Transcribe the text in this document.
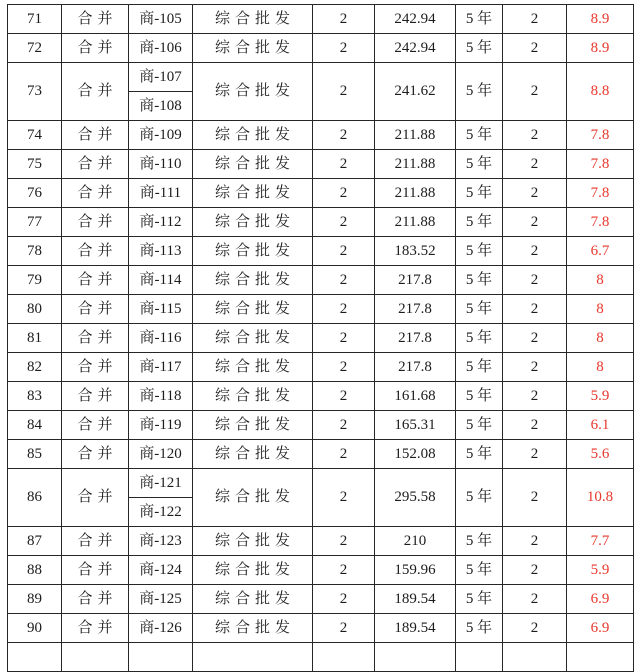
71	合并	商-105	综合批发	2	242.94	5 年	2	8.9
72	合并	商-106	综合批发	2	242.94	5 年	2	8.9
73	合并	商-107	综合批发	2	241.62	5 年	2	8.8
		商-108						
74	合并	商-109	综合批发	2	211.88	5 年	2	7.8
75	合并	商-110	综合批发	2	211.88	5 年	2	7.8
76	合并	商-111	综合批发	2	211.88	5 年	2	7.8
77	合并	商-112	综合批发	2	211.88	5 年	2	7.8
78	合并	商-113	综合批发	2	183.52	5 年	2	6.7
79	合并	商-114	综合批发	2	217.8	5 年	2	8
80	合并	商-115	综合批发	2	217.8	5 年	2	8
81	合并	商-116	综合批发	2	217.8	5 年	2	8
82	合并	商-117	综合批发	2	217.8	5 年	2	8
83	合并	商-118	综合批发	2	161.68	5 年	2	5.9
84	合并	商-119	综合批发	2	165.31	5 年	2	6.1
85	合并	商-120	综合批发	2	152.08	5 年	2	5.6
86	合并	商-121	综合批发	2	295.58	5 年	2	10.8
		商-122						
87	合并	商-123	综合批发	2	210	5 年	2	7.7
88	合并	商-124	综合批发	2	159.96	5 年	2	5.9
89	合并	商-125	综合批发	2	189.54	5 年	2	6.9
90	合并	商-126	综合批发	2	189.54	5 年	2	6.9
